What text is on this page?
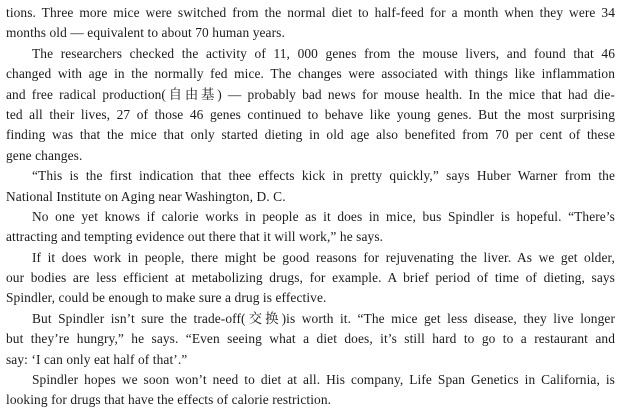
tions. Three more mice were switched from the normal diet to half-feed for a month when they were 34
months old — equivalent to about 70 human years.
The researchers checked the activity of 11, 000 genes from the mouse livers, and found that 46
changed with age in the normally fed mice. The changes were associated with things like inflammation
and free radical production(自由基) — probably bad news for mouse health. In the mice that had die-
ted all their lives, 27 of those 46 genes continued to behave like young genes. But the most surprising
finding was that the mice that only started dieting in old age also benefited from 70 per cent of these
gene changes.
“This is the first indication that thee effects kick in pretty quickly,” says Huber Warner from the
National Institute on Aging near Washington, D. C.
No one yet knows if calorie works in people as it does in mice, bus Spindler is hopeful. “There’s
attracting and tempting evidence out there that it will work,” he says.
If it does work in people, there might be good reasons for rejuvenating the liver. As we get older,
our bodies are less efficient at metabolizing drugs, for example. A brief period of time of dieting, says
Spindler, could be enough to make sure a drug is effective.
But Spindler isn’t sure the trade-off(交换)is worth it. “The mice get less disease, they live longer
but they’re hungry,” he says. “Even seeing what a diet does, it’s still hard to go to a restaurant and
say: ‘I can only eat half of that’.”
Spindler hopes we soon won’t need to diet at all. His company, Life Span Genetics in California, is
looking for drugs that have the effects of calorie restriction.
